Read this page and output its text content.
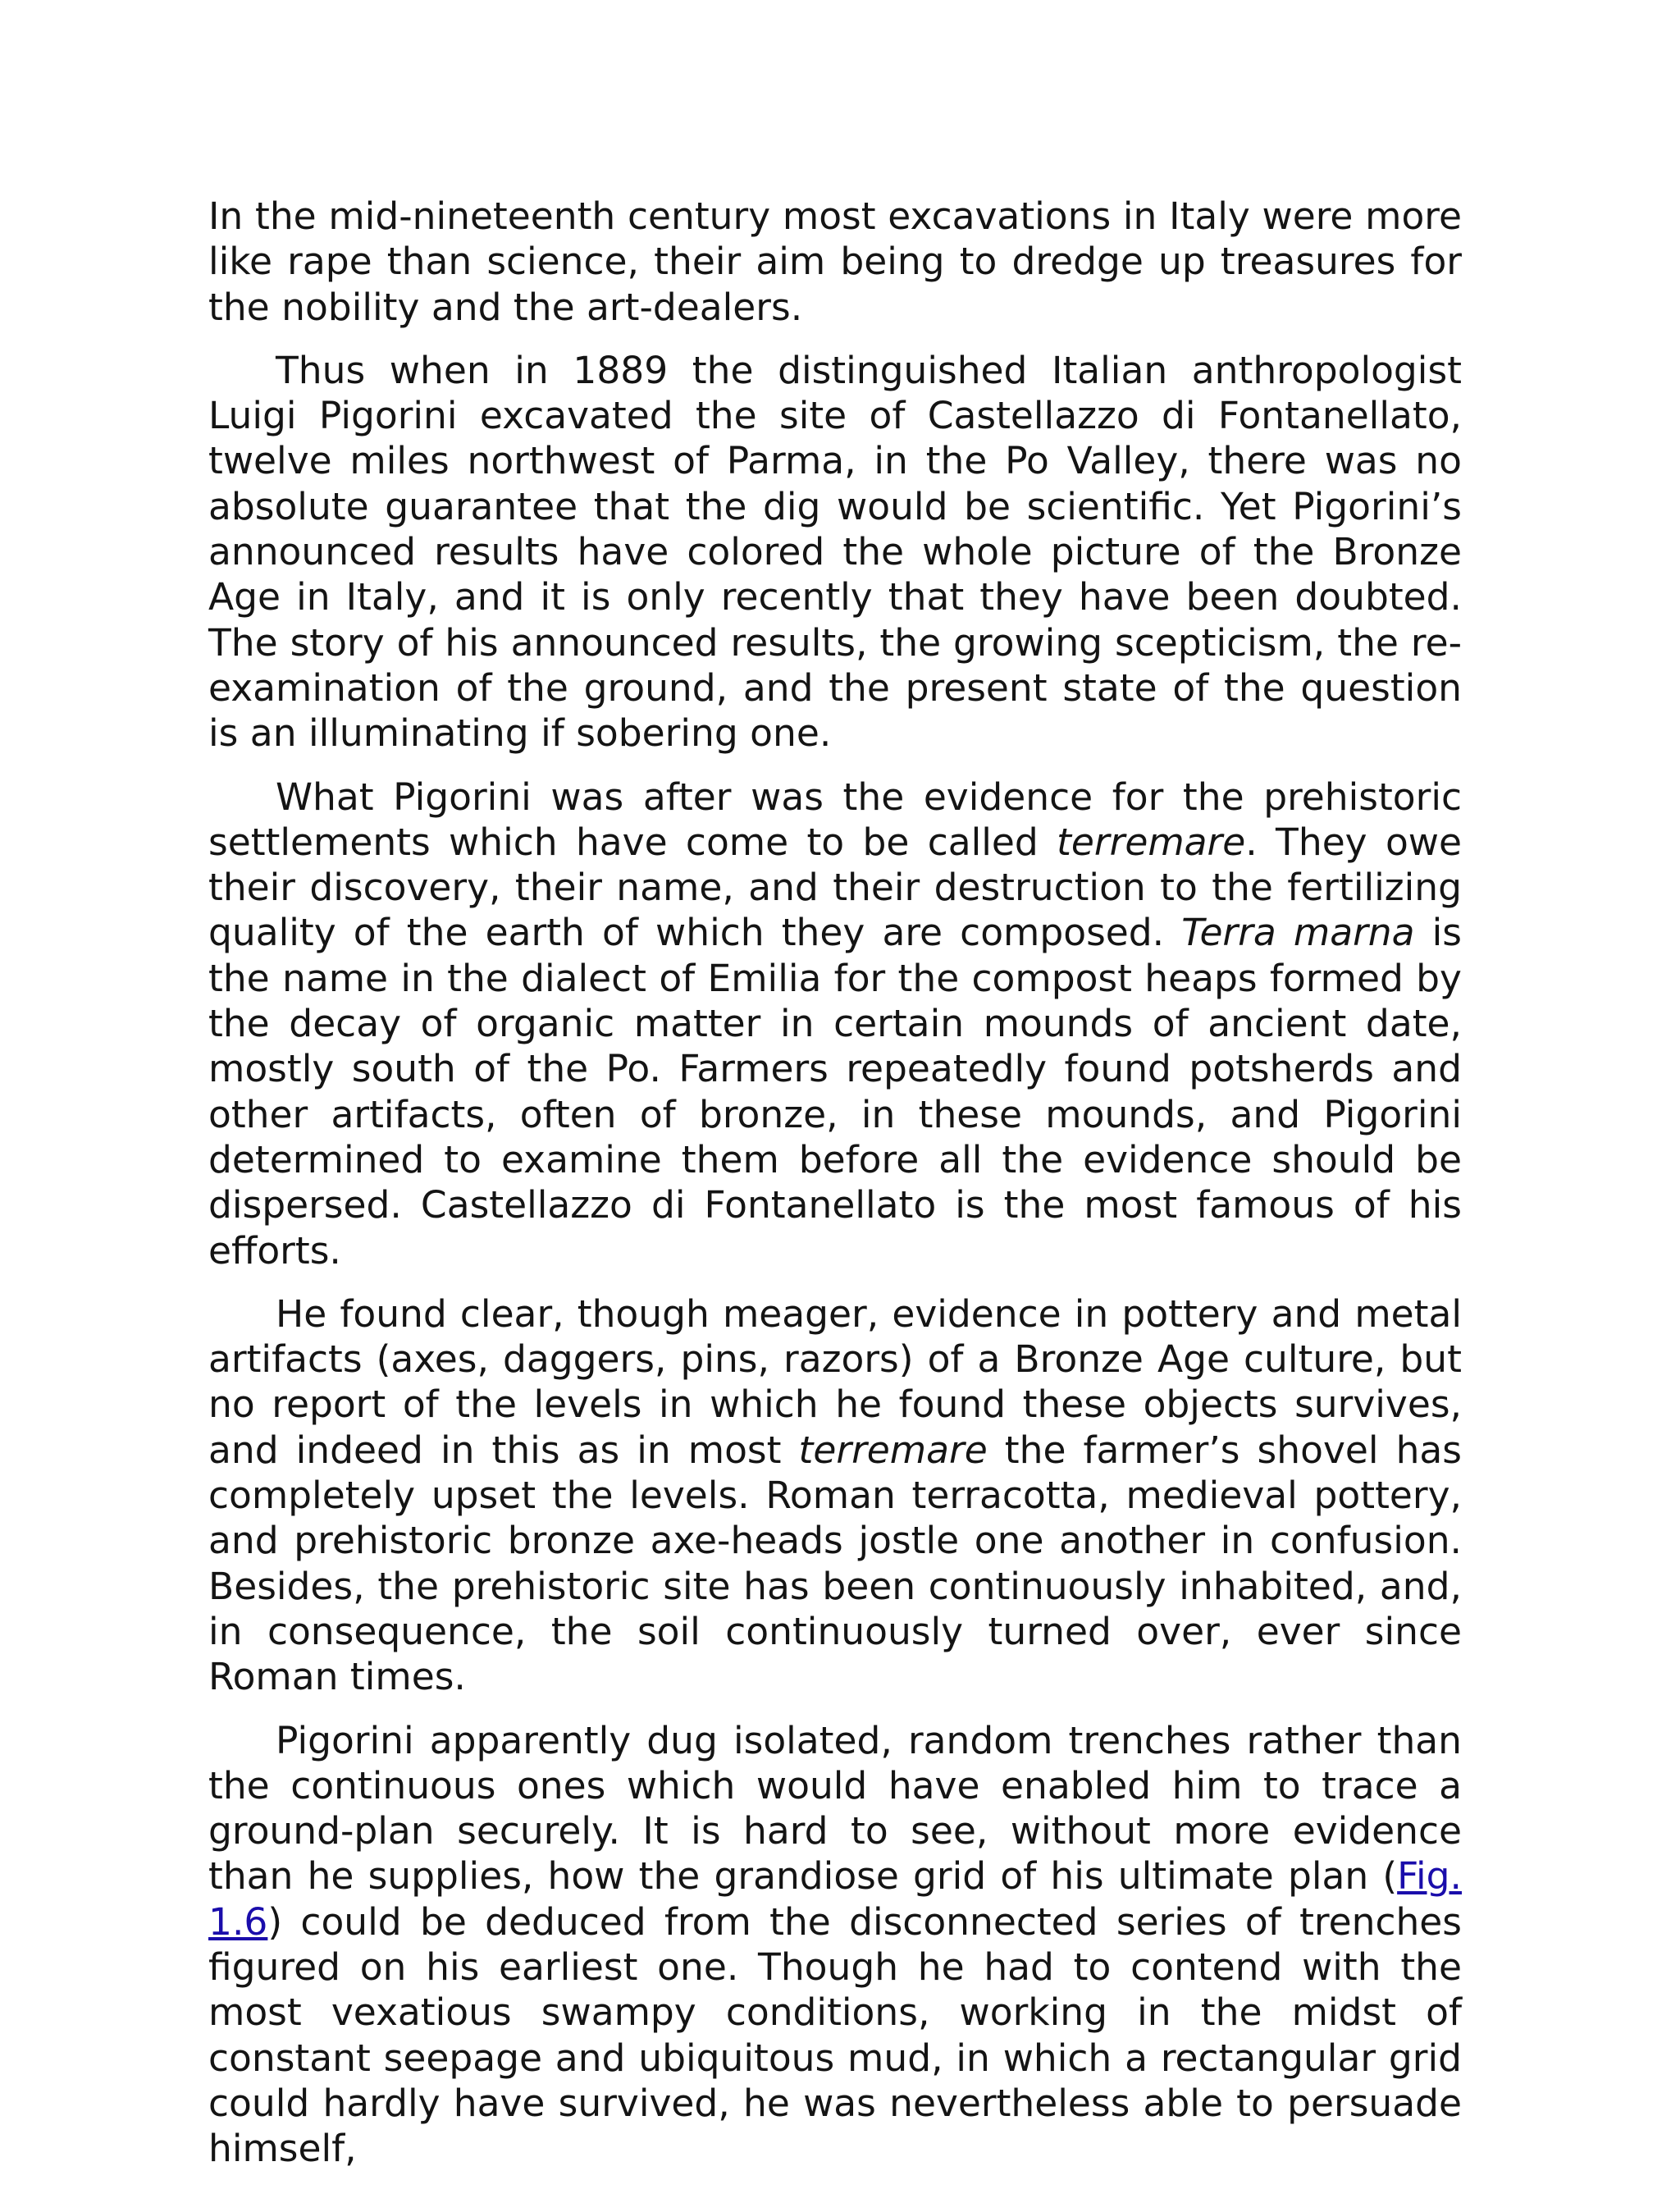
In the mid-nineteenth century most excavations in Italy were more like rape than science, their aim being to dredge up treasures for the nobility and the art-dealers.

Thus when in 1889 the distinguished Italian anthropologist Luigi Pigorini excavated the site of Castellazzo di Fontanellato, twelve miles northwest of Parma, in the Po Valley, there was no absolute guarantee that the dig would be scientific. Yet Pigorini’s announced results have colored the whole picture of the Bronze Age in Italy, and it is only recently that they have been doubted. The story of his announced results, the growing scepticism, the re-examination of the ground, and the present state of the question is an illuminating if sobering one.

What Pigorini was after was the evidence for the prehistoric settlements which have come to be called terremare. They owe their discovery, their name, and their destruction to the fertilizing quality of the earth of which they are composed. Terra marna is the name in the dialect of Emilia for the compost heaps formed by the decay of organic matter in certain mounds of ancient date, mostly south of the Po. Farmers repeatedly found potsherds and other artifacts, often of bronze, in these mounds, and Pigorini determined to examine them before all the evidence should be dispersed. Castellazzo di Fontanellato is the most famous of his efforts.

He found clear, though meager, evidence in pottery and metal artifacts (axes, daggers, pins, razors) of a Bronze Age culture, but no report of the levels in which he found these objects survives, and indeed in this as in most terremare the farmer’s shovel has completely upset the levels. Roman terracotta, medieval pottery, and prehistoric bronze axe-heads jostle one another in confusion. Besides, the prehistoric site has been continuously inhabited, and, in consequence, the soil continuously turned over, ever since Roman times.

Pigorini apparently dug isolated, random trenches rather than the continuous ones which would have enabled him to trace a ground-plan securely. It is hard to see, without more evidence than he supplies, how the grandiose grid of his ultimate plan (Fig. 1.6) could be deduced from the disconnected series of trenches figured on his earliest one. Though he had to contend with the most vexatious swampy conditions, working in the midst of constant seepage and ubiquitous mud, in which a rectangular grid could hardly have survived, he was nevertheless able to persuade himself,
